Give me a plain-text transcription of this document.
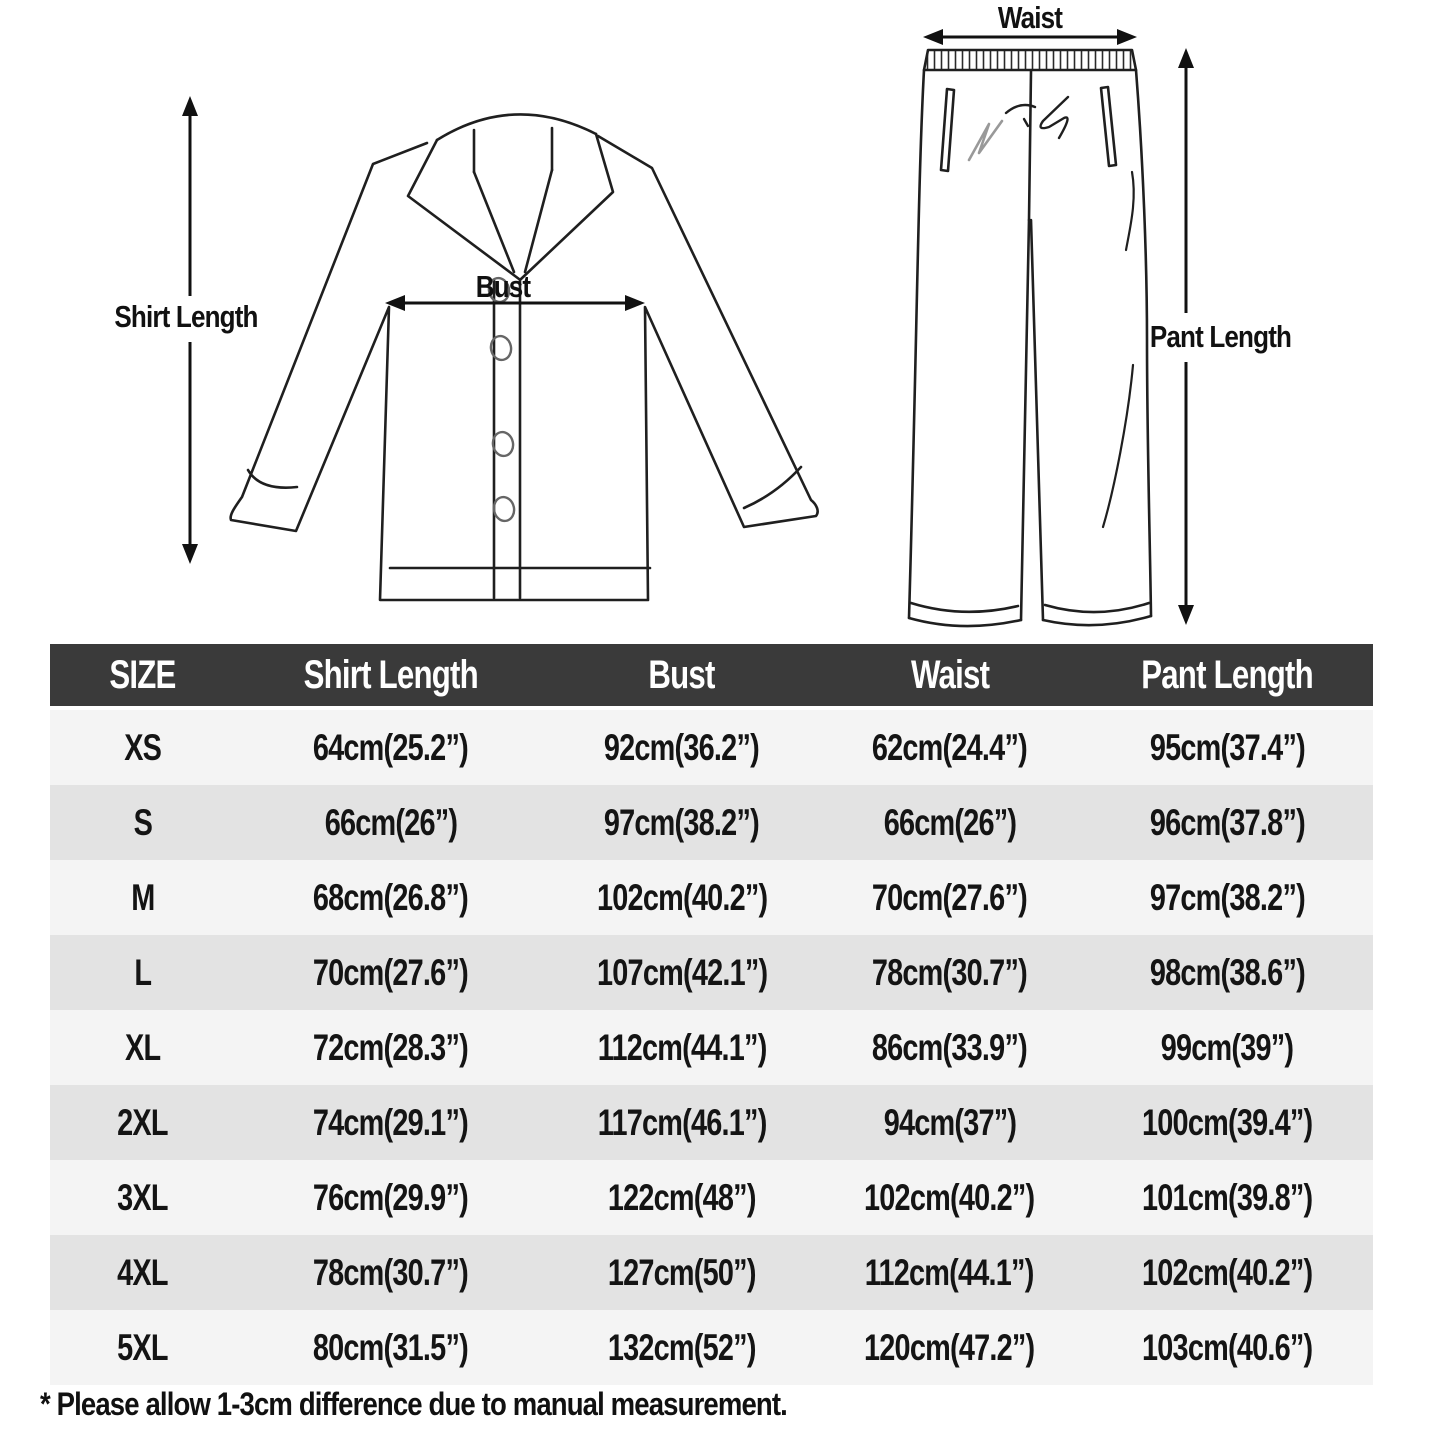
Shirt Length
Bust
Waist
Pant Length
SIZE	Shirt Length	Bust	Waist	Pant Length
XS	64cm(25.2”)	92cm(36.2”)	62cm(24.4”)	95cm(37.4”)
S	66cm(26”)	97cm(38.2”)	66cm(26”)	96cm(37.8”)
M	68cm(26.8”)	102cm(40.2”)	70cm(27.6”)	97cm(38.2”)
L	70cm(27.6”)	107cm(42.1”)	78cm(30.7”)	98cm(38.6”)
XL	72cm(28.3”)	112cm(44.1”)	86cm(33.9”)	99cm(39”)
2XL	74cm(29.1”)	117cm(46.1”)	94cm(37”)	100cm(39.4”)
3XL	76cm(29.9”)	122cm(48”)	102cm(40.2”)	101cm(39.8”)
4XL	78cm(30.7”)	127cm(50”)	112cm(44.1”)	102cm(40.2”)
5XL	80cm(31.5”)	132cm(52”)	120cm(47.2”)	103cm(40.6”)
* Please allow 1-3cm difference due to manual measurement.
